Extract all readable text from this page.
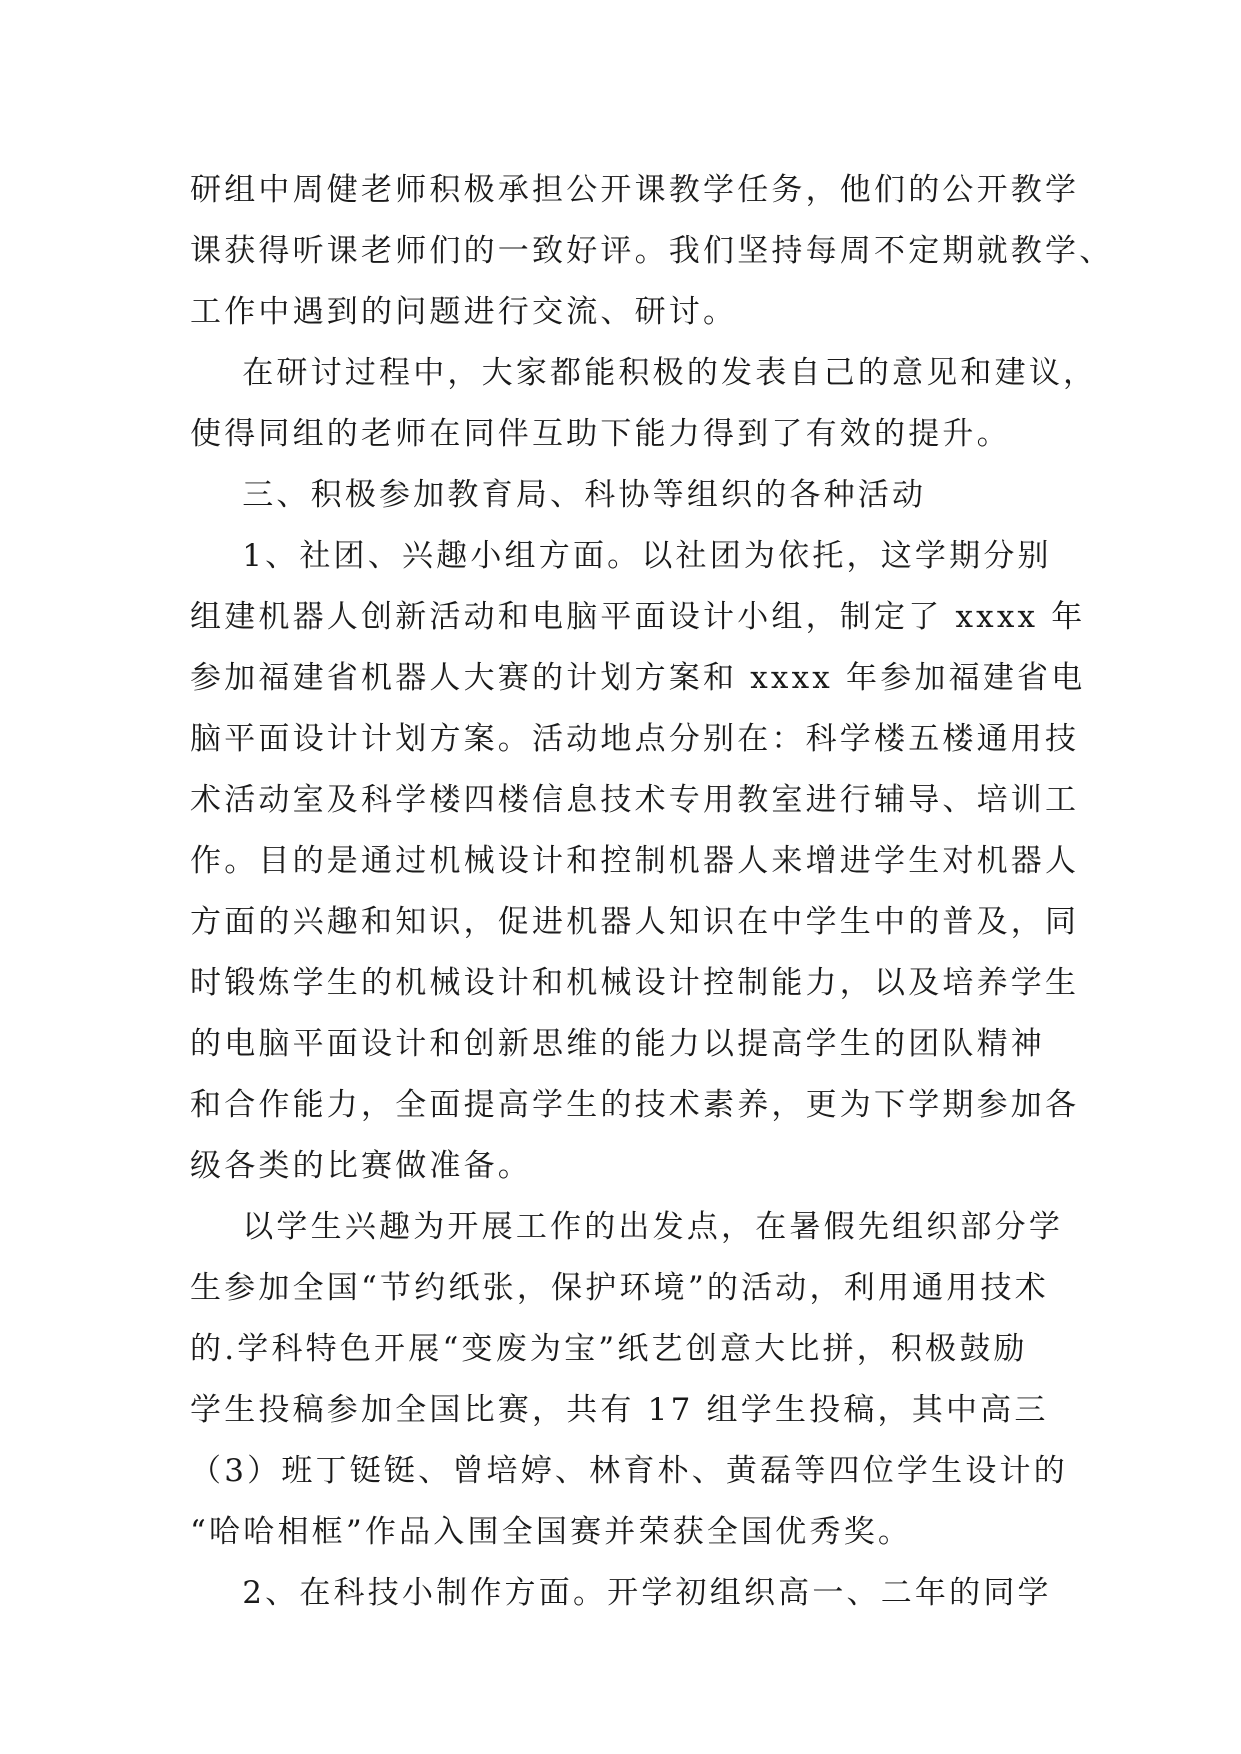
研组中周健老师积极承担公开课教学任务，他们的公开教学
课获得听课老师们的一致好评。我们坚持每周不定期就教学、
工作中遇到的问题进行交流、研讨。
在研讨过程中，大家都能积极的发表自己的意见和建议，
使得同组的老师在同伴互助下能力得到了有效的提升。
三、积极参加教育局、科协等组织的各种活动
1、社团、兴趣小组方面。以社团为依托，这学期分别
组建机器人创新活动和电脑平面设计小组，制定了 xxxx 年
参加福建省机器人大赛的计划方案和 xxxx 年参加福建省电
脑平面设计计划方案。活动地点分别在：科学楼五楼通用技
术活动室及科学楼四楼信息技术专用教室进行辅导、培训工
作。目的是通过机械设计和控制机器人来增进学生对机器人
方面的兴趣和知识，促进机器人知识在中学生中的普及，同
时锻炼学生的机械设计和机械设计控制能力，以及培养学生
的电脑平面设计和创新思维的能力以提高学生的团队精神
和合作能力，全面提高学生的技术素养，更为下学期参加各
级各类的比赛做准备。
以学生兴趣为开展工作的出发点，在暑假先组织部分学
生参加全国“节约纸张，保护环境”的活动，利用通用技术
的.学科特色开展“变废为宝”纸艺创意大比拼，积极鼓励
学生投稿参加全国比赛，共有 17 组学生投稿，其中高三
（3）班丁铤铤、曾培婷、林育朴、黄磊等四位学生设计的
“哈哈相框”作品入围全国赛并荣获全国优秀奖。
2、在科技小制作方面。开学初组织高一、二年的同学
